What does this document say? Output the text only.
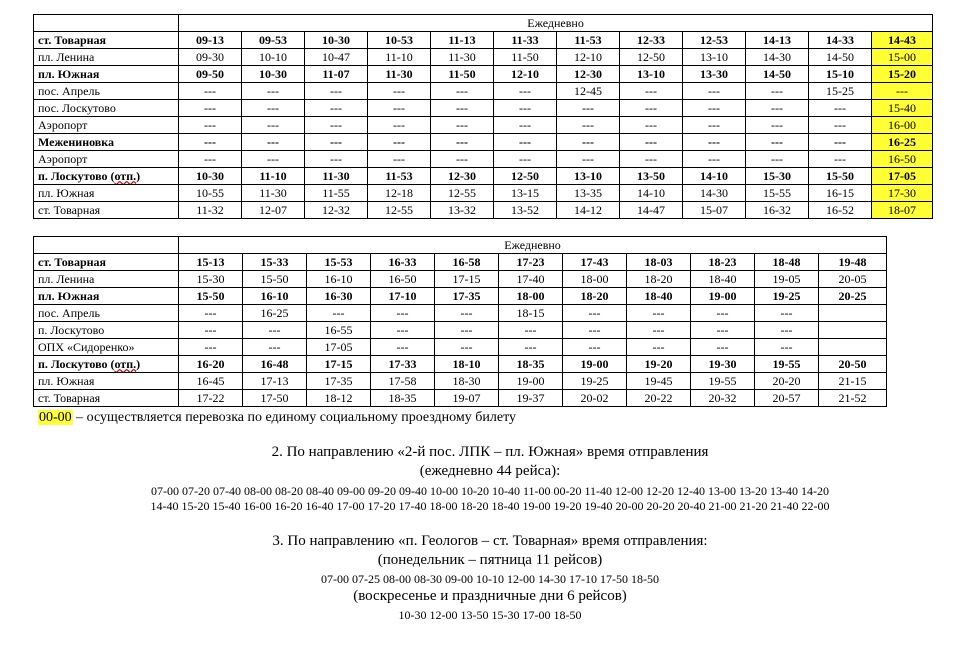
	Ежедневно											
ст. Товарная	09-13	09-53	10-30	10-53	11-13	11-33	11-53	12-33	12-53	14-13	14-33	14-43
пл. Ленина	09-30	10-10	10-47	11-10	11-30	11-50	12-10	12-50	13-10	14-30	14-50	15-00
пл. Южная	09-50	10-30	11-07	11-30	11-50	12-10	12-30	13-10	13-30	14-50	15-10	15-20
пос. Апрель	---	---	---	---	---	---	12-45	---	---	---	15-25	---
пос. Лоскутово	---	---	---	---	---	---	---	---	---	---	---	15-40
Аэропорт	---	---	---	---	---	---	---	---	---	---	---	16-00
Межениновка	---	---	---	---	---	---	---	---	---	---	---	16-25
Аэропорт	---	---	---	---	---	---	---	---	---	---	---	16-50
п. Лоскутово (отп.)	10-30	11-10	11-30	11-53	12-30	12-50	13-10	13-50	14-10	15-30	15-50	17-05
пл. Южная	10-55	11-30	11-55	12-18	12-55	13-15	13-35	14-10	14-30	15-55	16-15	17-30
ст. Товарная	11-32	12-07	12-32	12-55	13-32	13-52	14-12	14-47	15-07	16-32	16-52	18-07
	Ежедневно										
ст. Товарная	15-13	15-33	15-53	16-33	16-58	17-23	17-43	18-03	18-23	18-48	19-48
пл. Ленина	15-30	15-50	16-10	16-50	17-15	17-40	18-00	18-20	18-40	19-05	20-05
пл. Южная	15-50	16-10	16-30	17-10	17-35	18-00	18-20	18-40	19-00	19-25	20-25
пос. Апрель	---	16-25	---	---	---	18-15	---	---	---	---	
п. Лоскутово	---	---	16-55	---	---	---	---	---	---	---	
ОПХ «Сидоренко»	---	---	17-05	---	---	---	---	---	---	---	
п. Лоскутово (отп.)	16-20	16-48	17-15	17-33	18-10	18-35	19-00	19-20	19-30	19-55	20-50
пл. Южная	16-45	17-13	17-35	17-58	18-30	19-00	19-25	19-45	19-55	20-20	21-15
ст. Товарная	17-22	17-50	18-12	18-35	19-07	19-37	20-02	20-22	20-32	20-57	21-52
00-00 – осуществляется перевозка по единому социальному проездному билету
2. По направлению «2-й пос. ЛПК – пл. Южная» время отправления
(ежедневно 44 рейса):
07-00 07-20 07-40 08-00 08-20 08-40 09-00 09-20 09-40 10-00 10-20 10-40 11-00 00-20 11-40 12-00 12-20 12-40 13-00 13-20 13-40 14-20
14-40 15-20 15-40 16-00 16-20 16-40 17-00 17-20 17-40 18-00 18-20 18-40 19-00 19-20 19-40 20-00 20-20 20-40 21-00 21-20 21-40 22-00
3. По направлению «п. Геологов – ст. Товарная» время отправления:
(понедельник – пятница 11 рейсов)
07-00 07-25 08-00 08-30 09-00 10-10 12-00 14-30 17-10 17-50 18-50
(воскресенье и праздничные дни 6 рейсов)
10-30 12-00 13-50 15-30 17-00 18-50
